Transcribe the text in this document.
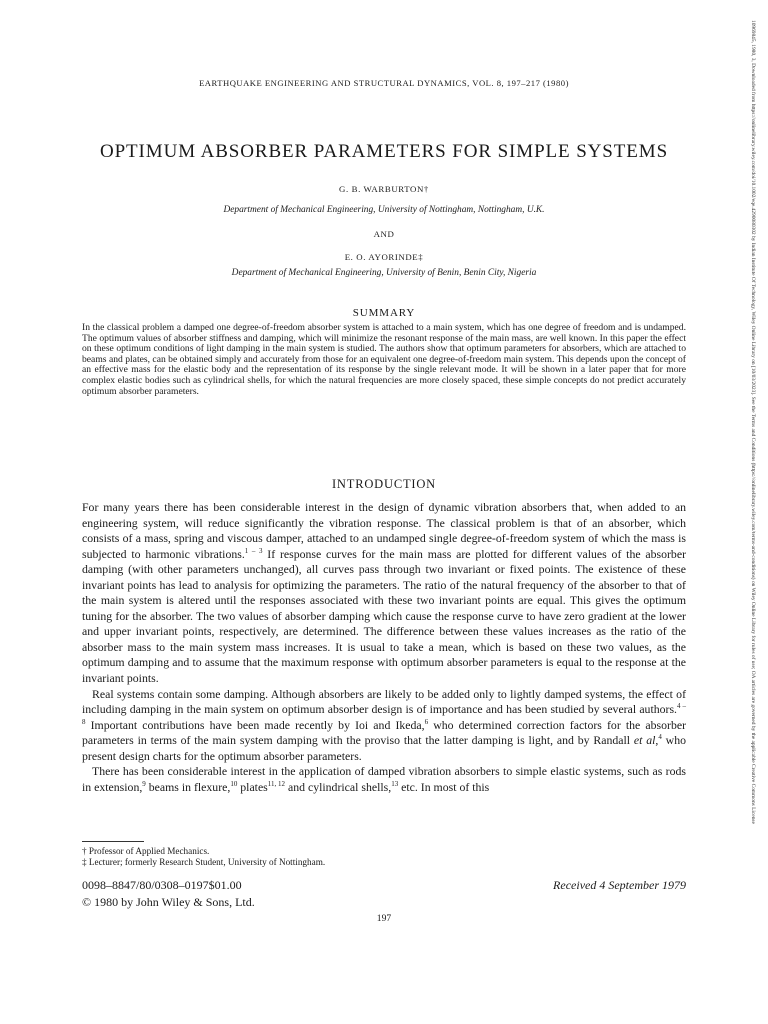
EARTHQUAKE ENGINEERING AND STRUCTURAL DYNAMICS, VOL. 8, 197–217 (1980)
OPTIMUM ABSORBER PARAMETERS FOR SIMPLE SYSTEMS
G. B. WARBURTON†
Department of Mechanical Engineering, University of Nottingham, Nottingham, U.K.
AND
E. O. AYORINDE‡
Department of Mechanical Engineering, University of Benin, Benin City, Nigeria
SUMMARY

In the classical problem a damped one degree-of-freedom absorber system is attached to a main system, which has one degree of freedom and is undamped. The optimum values of absorber stiffness and damping, which will minimize the resonant response of the main mass, are well known. In this paper the effect on these optimum conditions of light damping in the main system is studied. The authors show that optimum parameters for absorbers, which are attached to beams and plates, can be obtained simply and accurately from those for an equivalent one degree-of-freedom main system. This depends upon the concept of an effective mass for the elastic body and the representation of its response by the single relevant mode. It will be shown in a later paper that for more complex elastic bodies such as cylindrical shells, for which the natural frequencies are more closely spaced, these simple concepts do not predict accurately optimum absorber parameters.

INTRODUCTION

For many years there has been considerable interest in the design of dynamic vibration absorbers that, when added to an engineering system, will reduce significantly the vibration response. The classical problem is that of an absorber, which consists of a mass, spring and viscous damper, attached to an undamped single degree-of-freedom system of which the mass is subjected to harmonic vibrations.$^{1 - 3}$ If response curves for the main mass are plotted for different values of the absorber damping (with other parameters unchanged), all curves pass through two invariant or fixed points. The existence of these invariant points has lead to analysis for optimizing the parameters. The ratio of the natural frequency of the absorber to that of the main system is altered until the responses associated with these two invariant points are equal. This gives the optimum tuning for the absorber. The two values of absorber damping which cause the response curve to have zero gradient at the lower and upper invariant points, respectively, are determined. The difference between these values increases as the ratio of the absorber mass to the main system mass increases. It is usual to take a mean, which is based on these two values, as the optimum damping and to assume that the maximum response with optimum absorber parameters is equal to the response at the invariant points.

Real systems contain some damping. Although absorbers are likely to be added only to lightly damped systems, the effect of including damping in the main system on optimum absorber design is of importance and has been studied by several authors.$^{4 - 8}$ Important contributions have been made recently by Ioi and Ikeda,$^6$ who determined correction factors for the absorber parameters in terms of the main system damping with the proviso that the latter damping is light, and by Randall et al,$^4$ who present design charts for the optimum absorber parameters.

There has been considerable interest in the application of damped vibration absorbers to simple elastic systems, such as rods in extension,$^9$ beams in flexure,$^{10}$ plates$^{11, 12}$ and cylindrical shells,$^{13}$ etc. In most of this

† Professor of Applied Mechanics.
‡ Lecturer; formerly Research Student, University of Nottingham.
0098–8847/80/0308–0197$01.00
© 1980 by John Wiley & Sons, Ltd.
Received 4 September 1979
197
10969845, 1980, 3, Downloaded from https://onlinelibrary.wiley.com/doi/10.1002/eqe.4290080302 by Indian Institute Of Technology, Wiley Online Library on [10/03/2023]. See the Terms and Conditions (https://onlinelibrary.wiley.com/terms-and-conditions) on Wiley Online Library for rules of use; OA articles are governed by the applicable Creative Commons License
